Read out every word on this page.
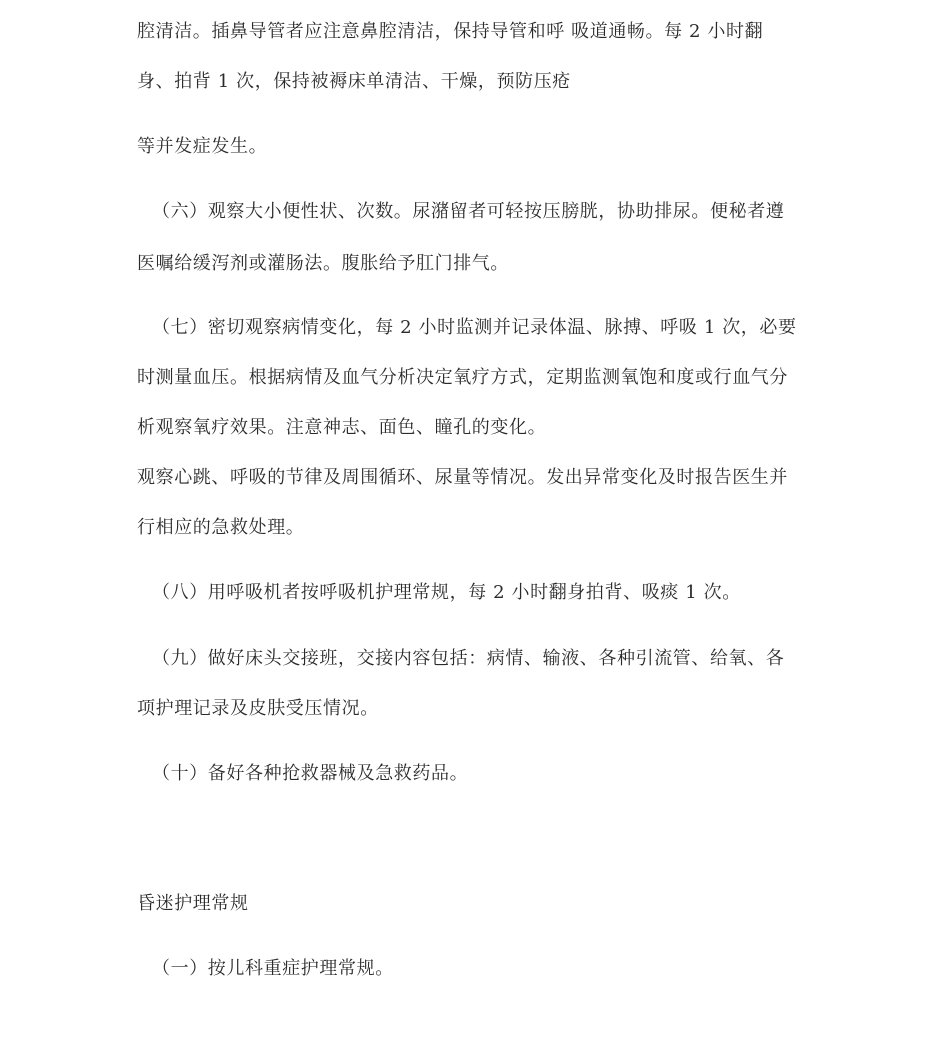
腔清洁。插鼻导管者应注意鼻腔清洁，保持导管和呼 吸道通畅。每 2 小时翻
身、拍背 1 次，保持被褥床单清洁、干燥，预防压疮
等并发症发生。
（六）观察大小便性状、次数。尿潴留者可轻按压膀胱，协助排尿。便秘者遵
医嘱给缓泻剂或灌肠法。腹胀给予肛门排气。
（七）密切观察病情变化，每 2 小时监测并记录体温、脉搏、呼吸 1 次，必要
时测量血压。根据病情及血气分析决定氧疗方式，定期监测氧饱和度或行血气分
析观察氧疗效果。注意神志、面色、瞳孔的变化。
观察心跳、呼吸的节律及周围循环、尿量等情况。发出异常变化及时报告医生并
行相应的急救处理。
（八）用呼吸机者按呼吸机护理常规，每 2 小时翻身拍背、吸痰 1 次。
（九）做好床头交接班，交接内容包括：病情、输液、各种引流管、给氧、各
项护理记录及皮肤受压情况。
（十）备好各种抢救器械及急救药品。
昏迷护理常规
（一）按儿科重症护理常规。
